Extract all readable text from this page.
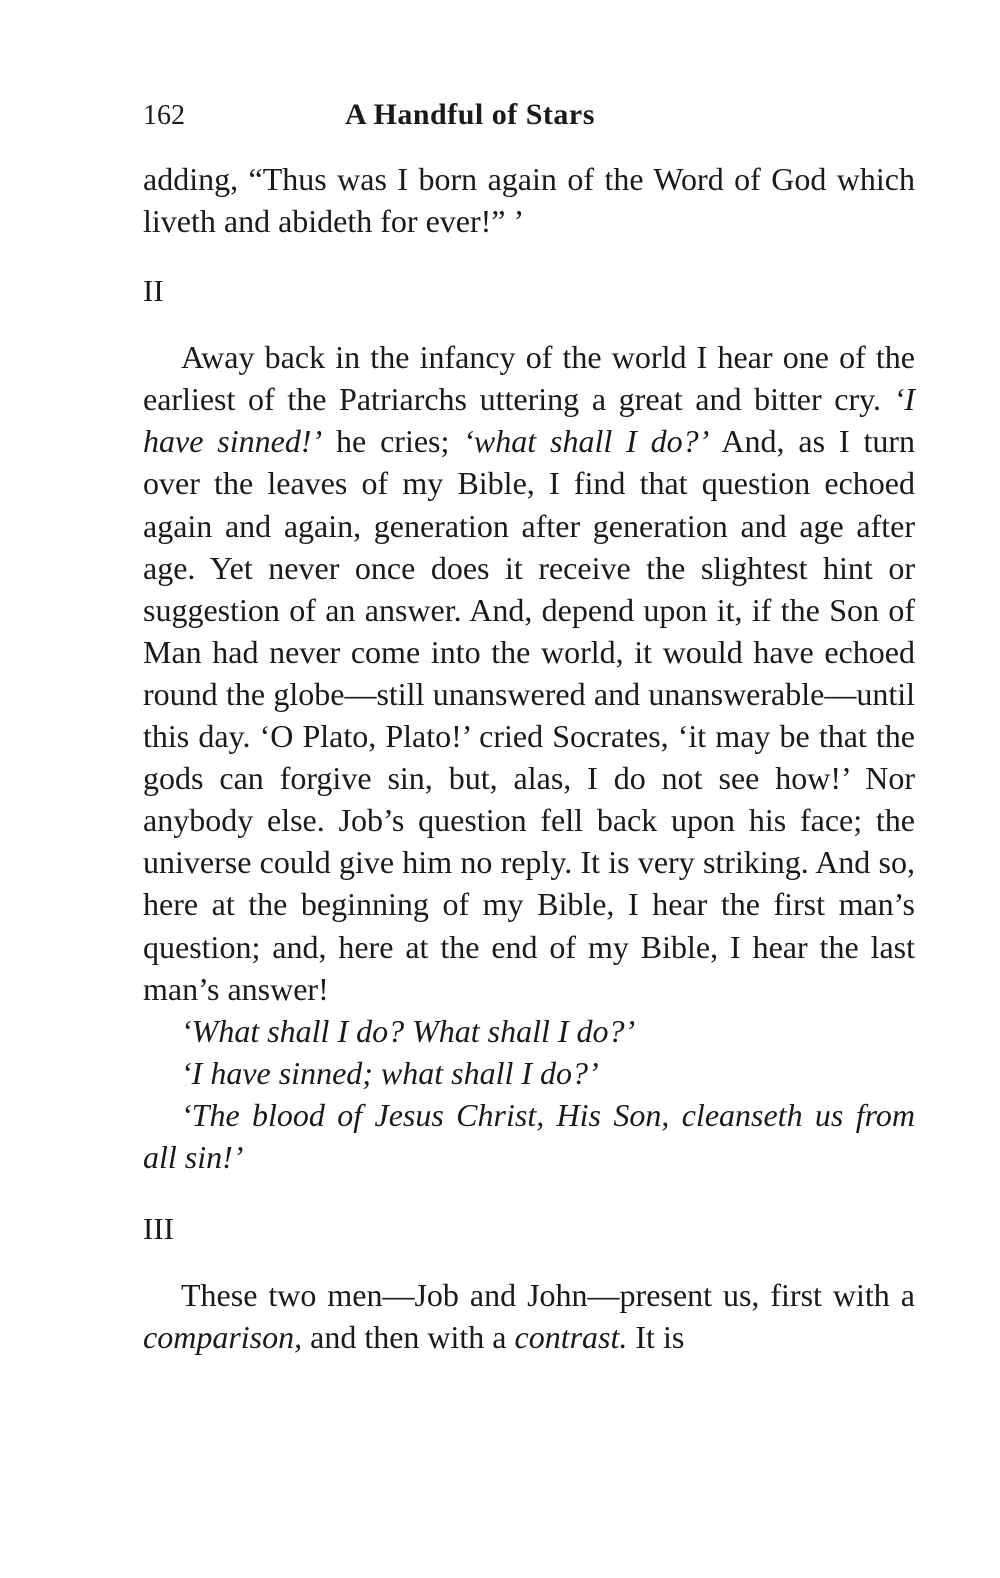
162	A Handful of Stars

adding, “Thus was I born again of the Word of God which liveth and abideth for ever!” ’

II

Away back in the infancy of the world I hear one of the earliest of the Patriarchs uttering a great and bitter cry. ‘I have sinned!’ he cries; ‘what shall I do?’ And, as I turn over the leaves of my Bible, I find that question echoed again and again, generation after generation and age after age. Yet never once does it receive the slightest hint or suggestion of an answer. And, depend upon it, if the Son of Man had never come into the world, it would have echoed round the globe—still unanswered and unanswerable—until this day. ‘O Plato, Plato!’ cried Socrates, ‘it may be that the gods can forgive sin, but, alas, I do not see how!’ Nor anybody else. Job’s question fell back upon his face; the universe could give him no reply. It is very striking. And so, here at the beginning of my Bible, I hear the first man’s question; and, here at the end of my Bible, I hear the last man’s answer!

‘What shall I do? What shall I do?’

‘I have sinned; what shall I do?’

‘The blood of Jesus Christ, His Son, cleanseth us from all sin!’

III

These two men—Job and John—present us, first with a comparison, and then with a contrast. It is
